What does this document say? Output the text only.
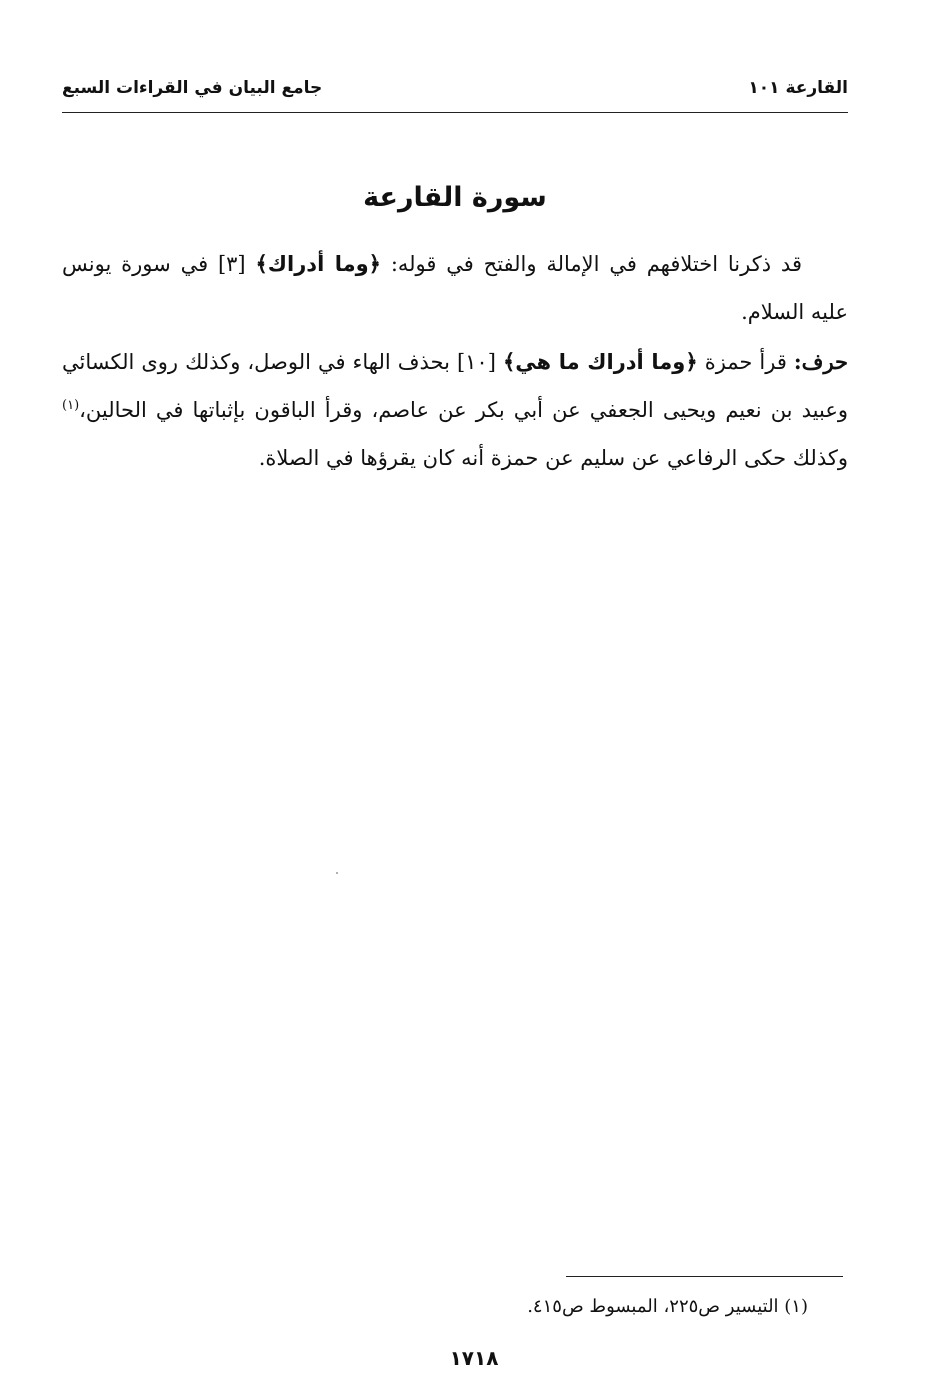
القارعة ١٠١
جامع البيان في القراءات السبع
سورة القارعة

قد ذكرنا اختلافهم في الإمالة والفتح في قوله: ﴿وما أدراك﴾ [٣] في سورة يونس عليه السلام.

حرف: قرأ حمزة ﴿وما أدراك ما هي﴾ [١٠] بحذف الهاء في الوصل، وكذلك روى الكسائي وعبيد بن نعيم ويحيى الجعفي عن أبي بكر عن عاصم، وقرأ الباقون بإثباتها في الحالين،$^{(١)}$ وكذلك حكى الرفاعي عن سليم عن حمزة أنه كان يقرؤها في الصلاة.

(١) التيسير ص٢٢٥، المبسوط ص٤١٥.
١٧١٨
